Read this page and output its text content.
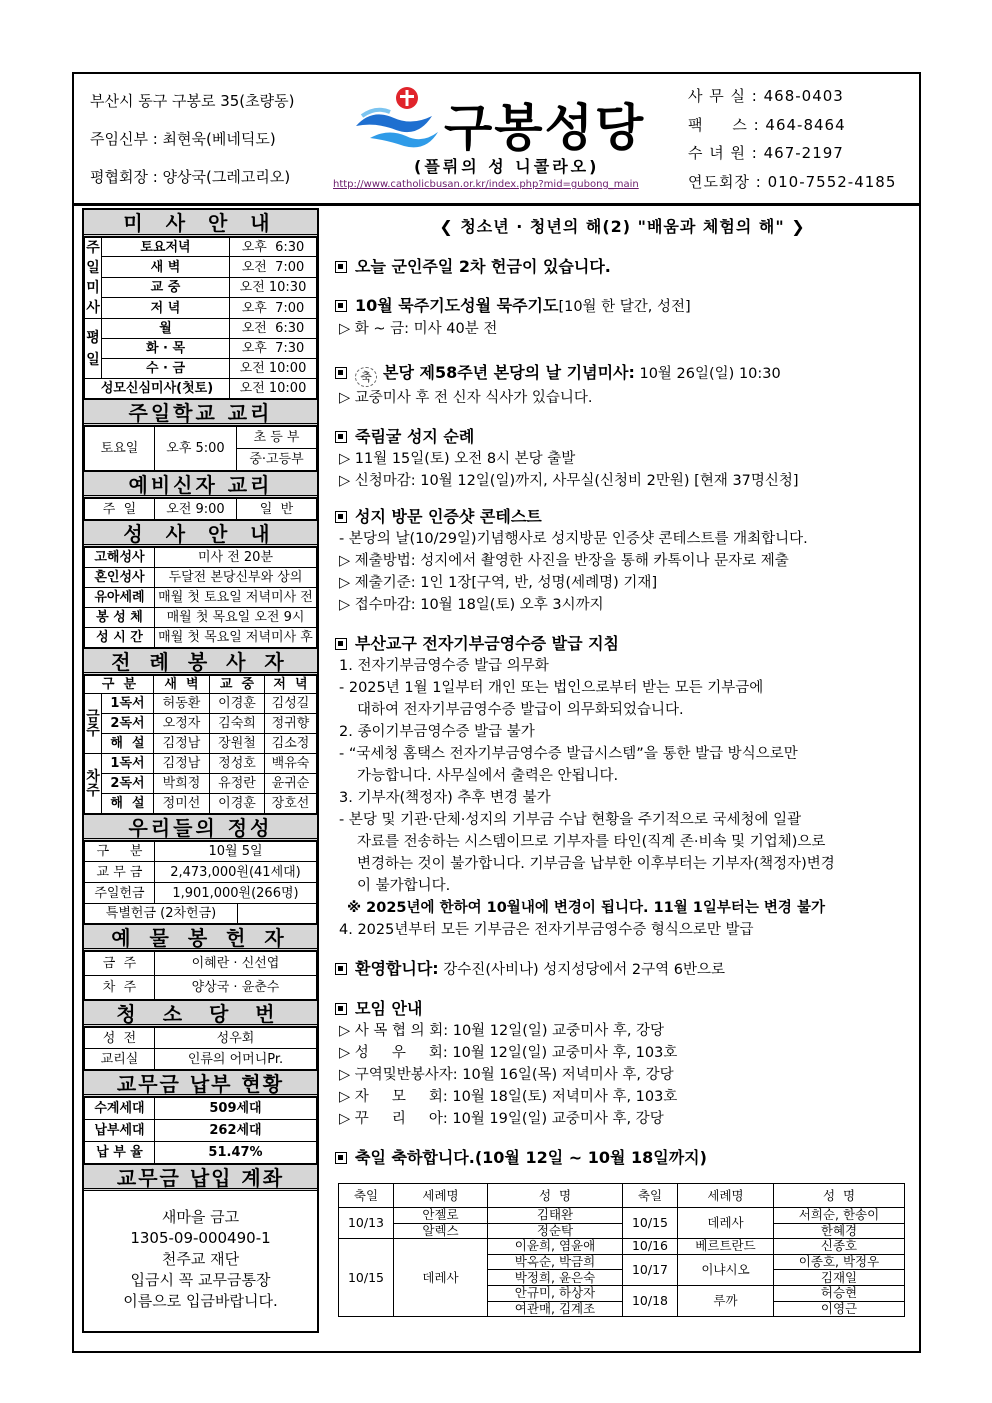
부산시 동구 구봉로 35(초량동)
주임신부 : 최현욱(베네딕도)
평협회장 : 양상국(그레고리오)
구봉성당
(플뤼의 성 니콜라오)
http://www.catholicbusan.or.kr/index.php?mid=gubong_main
사 무 실 : 468-0403
팩     스 : 464-8464
수 녀 원 : 467-2197
연도회장 : 010-7552-4185
미 사 안 내
주일미사	토요저녁	오후  6:30
	새 벽	오전  7:00
	교 중	오전 10:30
	저 녁	오후  7:00
평일	월	오전  6:30
	화 · 목	오후  7:30
	수 · 금	오전 10:00
성모신심미사(첫토)		오전 10:00
주일학교 교리
토요일	오후 5:00	초 등 부
중·고등부
예비신자 교리
주  일	오전 9:00	일  반
성 사 안 내
고해성사	미사 전 20분
혼인성사	두달전 본당신부와 상의
유아세례	매월 첫 토요일 저녁미사 전
봉 성 체	매월 첫 목요일 오전 9시
성 시 간	매월 첫 목요일 저녁미사 후
전 례 봉 사 자
구  분		새  벽	교  중	저  녁
금주	1독서	허동환	이경훈	김성길
	2독서	오정자	김숙희	정귀향
	해  설	김정남	장원철	김소정
차주	1독서	김정남	정성호	백유숙
	2독서	박희정	유정란	윤귀순
	해  설	정미선	이경훈	장호선
우리들의 정성
구     분	10월 5일	
교 무 금	2,473,000원(41세대)	
주일헌금	1,901,000원(266명)	
특별헌금 (2차헌금)		
예 물 봉 헌 자
금  주	이혜란 · 신선엽
차  주	양상국 · 윤춘수
청 소 당 번
성  전	성우회
교리실	인류의 어머니Pr.
교무금 납부 현황
수계세대	509세대
납부세대	262세대
납 부 율	51.47%
교무금 납입 계좌
새마을 금고
1305-09-000490-1
천주교 재단
입금시 꼭 교무금통장
이름으로 입금바랍니다.
❮ 청소년 · 청년의 해(2) "배움과 체험의 해" ❯
오늘 군인주일 2차 헌금이 있습니다.
10월 묵주기도성월 묵주기도[10월 한 달간, 성전]
▷ 화 ~ 금: 미사 40분 전
축 본당 제58주년 본당의 날 기념미사: 10월 26일(일) 10:30
▷ 교중미사 후 전 신자 식사가 있습니다.
죽림굴 성지 순례
▷ 11월 15일(토) 오전 8시 본당 출발
▷ 신청마감: 10월 12일(일)까지, 사무실(신청비 2만원) [현재 37명신청]
성지 방문 인증샷 콘테스트
- 본당의 날(10/29일)기념행사로 성지방문 인증샷 콘테스트를 개최합니다.
▷ 제출방법: 성지에서 촬영한 사진을 반장을 통해 카톡이나 문자로 제출
▷ 제출기준: 1인 1장[구역, 반, 성명(세례명) 기재]
▷ 접수마감: 10월 18일(토) 오후 3시까지
부산교구 전자기부금영수증 발급 지침
1. 전자기부금영수증 발급 의무화
- 2025년 1월 1일부터 개인 또는 법인으로부터 받는 모든 기부금에
대하여 전자기부금영수증 발급이 의무화되었습니다.
2. 종이기부금영수증 발급 불가
- “국세청 홈택스 전자기부금영수증 발급시스템”을 통한 발급 방식으로만
가능합니다. 사무실에서 출력은 안됩니다.
3. 기부자(책정자) 추후 변경 불가
- 본당 및 기관·단체·성지의 기부금 수납 현황을 주기적으로 국세청에 일괄
자료를 전송하는 시스템이므로 기부자를 타인(직계 존·비속 및 기업체)으로
변경하는 것이 불가합니다. 기부금을 납부한 이후부터는 기부자(책정자)변경
이 불가합니다.
※ 2025년에 한하여 10월내에 변경이 됩니다. 11월 1일부터는 변경 불가
4. 2025년부터 모든 기부금은 전자기부금영수증 형식으로만 발급
환영합니다: 강수진(사비나) 성지성당에서 2구역 6반으로
모임 안내
▷ 사 목 협 의 회: 10월 12일(일) 교중미사 후, 강당
▷ 성     우     회: 10월 12일(일) 교중미사 후, 103호
▷ 구역및반봉사자: 10월 16일(목) 저녁미사 후, 강당
▷ 자     모     회: 10월 18일(토) 저녁미사 후, 103호
▷ 꾸     리     아: 10월 19일(일) 교중미사 후, 강당
축일 축하합니다.(10월 12일 ~ 10월 18일까지)
축일	세례명	성  명	축일	세례명	성  명
10/13	안젤로	김태완	10/15	데레사	서희순, 한송이
	알렉스	정순탁			한혜경
10/15	데레사	이윤희, 염윤애	10/16	베르트란드	신종호
		박옥순, 박금희	10/17	이냐시오	이종호, 박정우
		박정희, 윤은숙			김재일
		안규미, 하상자	10/18	루까	허승현
		여관매, 김계조			이영근
